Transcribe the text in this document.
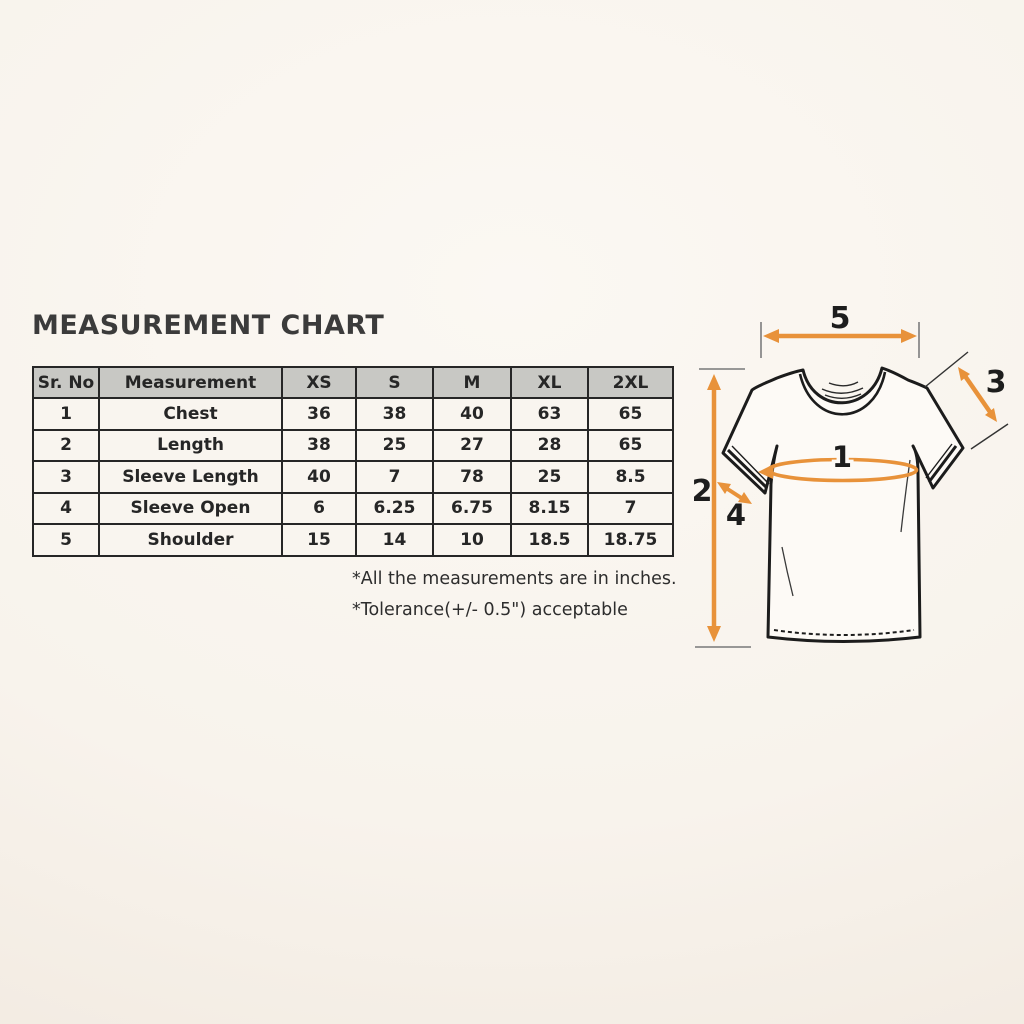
MEASUREMENT CHART
Sr. No	Measurement	XS	S	M	XL	2XL
1	Chest	36	38	40	63	65
2	Length	38	25	27	28	65
3	Sleeve Length	40	7	78	25	8.5
4	Sleeve Open	6	6.25	6.75	8.15	7
5	Shoulder	15	14	10	18.5	18.75
*All the measurements are in inches.
*Tolerance(+/- 0.5") acceptable
5
2
3
4
1
